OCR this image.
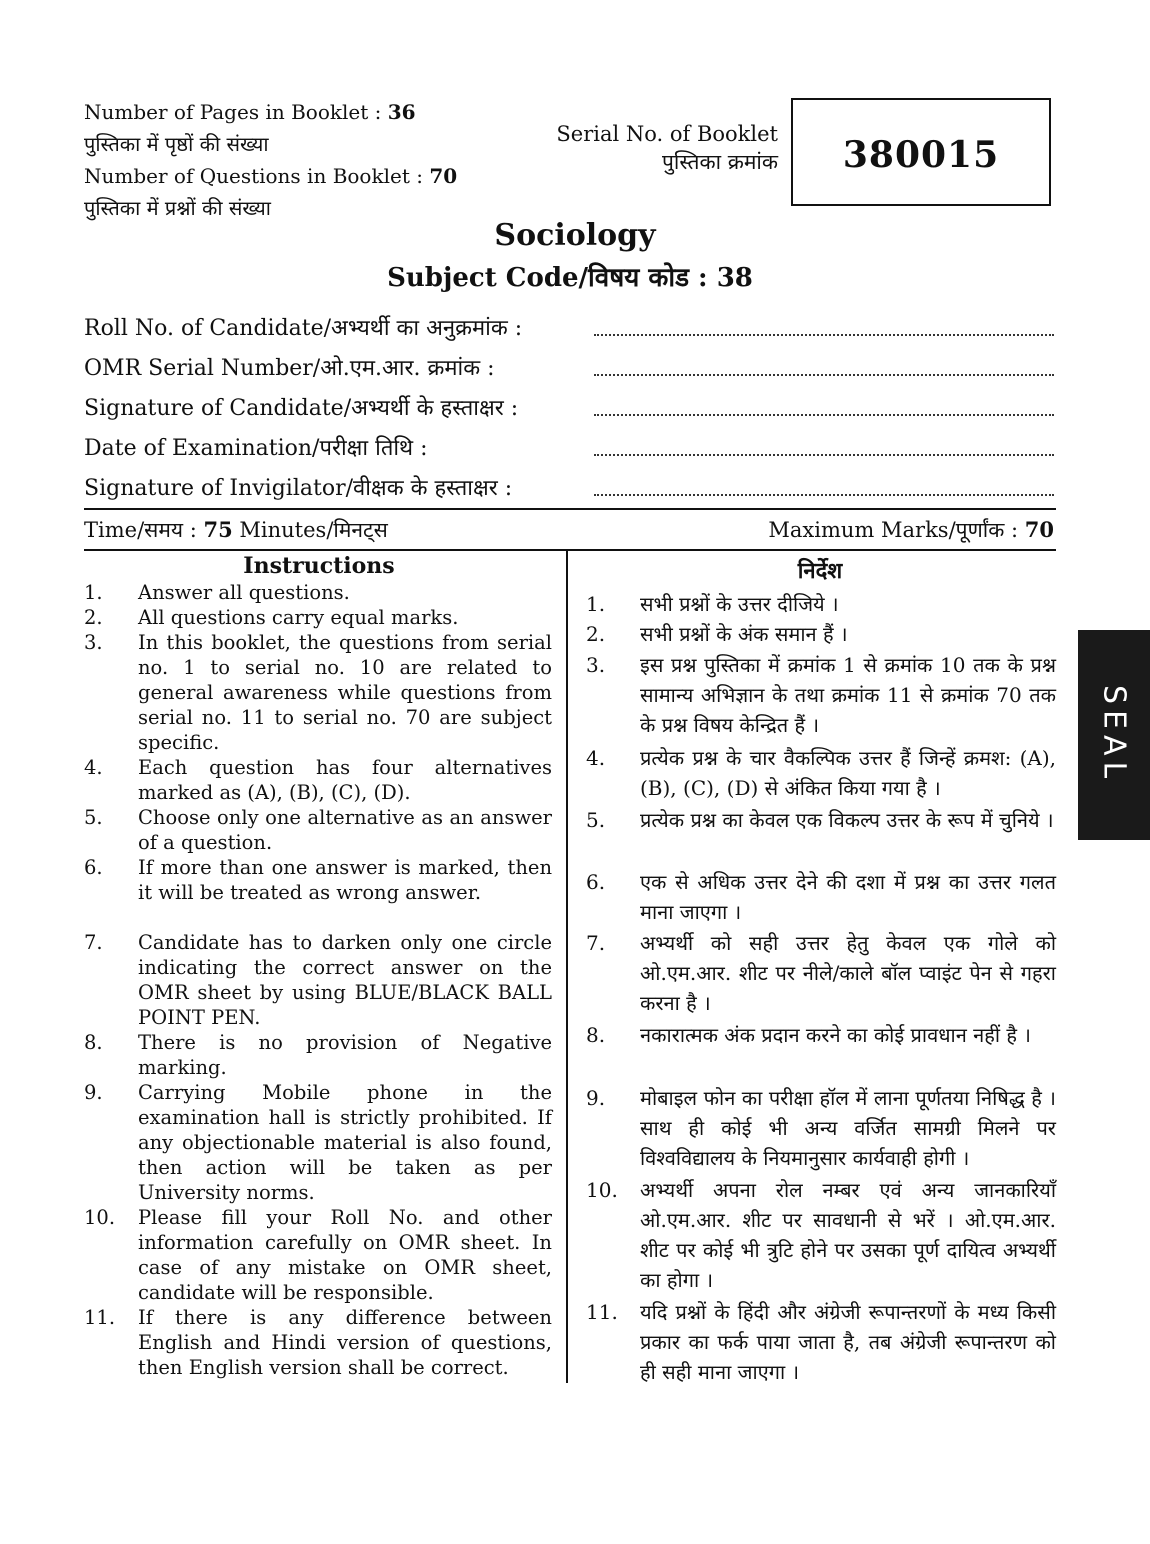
Number of Pages in Booklet : 36
पुस्तिका में पृष्ठों की संख्या
Number of Questions in Booklet : 70
पुस्तिका में प्रश्नों की संख्या
Serial No. of Booklet
पुस्तिका क्रमांक	380015
Sociology
Subject Code/विषय कोड : 38
Roll No. of Candidate/अभ्यर्थी का अनुक्रमांक :
OMR Serial Number/ओ.एम.आर. क्रमांक :
Signature of Candidate/अभ्यर्थी के हस्ताक्षर :
Date of Examination/परीक्षा तिथि :
Signature of Invigilator/वीक्षक के हस्ताक्षर :
Time/समय : 75 Minutes/मिनट्स	Maximum Marks/पूर्णांक : 70
Instructions
1. Answer all questions.
2. All questions carry equal marks.
3. In this booklet, the questions from serial no. 1 to serial no. 10 are related to general awareness while questions from serial no. 11 to serial no. 70 are subject specific.
4. Each question has four alternatives marked as (A), (B), (C), (D).
5. Choose only one alternative as an answer of a question.
6. If more than one answer is marked, then it will be treated as wrong answer.
7. Candidate has to darken only one circle indicating the correct answer on the OMR sheet by using BLUE/BLACK BALL POINT PEN.
8. There is no provision of Negative marking.
9. Carrying Mobile phone in the examination hall is strictly prohibited. If any objectionable material is also found, then action will be taken as per University norms.
10. Please fill your Roll No. and other information carefully on OMR sheet. In case of any mistake on OMR sheet, candidate will be responsible.
11. If there is any difference between English and Hindi version of questions, then English version shall be correct.
निर्देश
1. सभी प्रश्नों के उत्तर दीजिये ।
2. सभी प्रश्नों के अंक समान हैं ।
3. इस प्रश्न पुस्तिका में क्रमांक 1 से क्रमांक 10 तक के प्रश्न सामान्य अभिज्ञान के तथा क्रमांक 11 से क्रमांक 70 तक के प्रश्न विषय केन्द्रित हैं ।
4. प्रत्येक प्रश्न के चार वैकल्पिक उत्तर हैं जिन्हें क्रमश: (A), (B), (C), (D) से अंकित किया गया है ।
5. प्रत्येक प्रश्न का केवल एक विकल्प उत्तर के रूप में चुनिये ।
6. एक से अधिक उत्तर देने की दशा में प्रश्न का उत्तर गलत माना जाएगा ।
7. अभ्यर्थी को सही उत्तर हेतु केवल एक गोले को ओ.एम.आर. शीट पर नीले/काले बॉल प्वाइंट पेन से गहरा करना है ।
8. नकारात्मक अंक प्रदान करने का कोई प्रावधान नहीं है ।
9. मोबाइल फोन का परीक्षा हॉल में लाना पूर्णतया निषिद्ध है । साथ ही कोई भी अन्य वर्जित सामग्री मिलने पर विश्वविद्यालय के नियमानुसार कार्यवाही होगी ।
10. अभ्यर्थी अपना रोल नम्बर एवं अन्य जानकारियाँ ओ.एम.आर. शीट पर सावधानी से भरें । ओ.एम.आर. शीट पर कोई भी त्रुटि होने पर उसका पूर्ण दायित्व अभ्यर्थी का होगा ।
11. यदि प्रश्नों के हिंदी और अंग्रेजी रूपान्तरणों के मध्य किसी प्रकार का फर्क पाया जाता है, तब अंग्रेजी रूपान्तरण को ही सही माना जाएगा ।
SEAL
